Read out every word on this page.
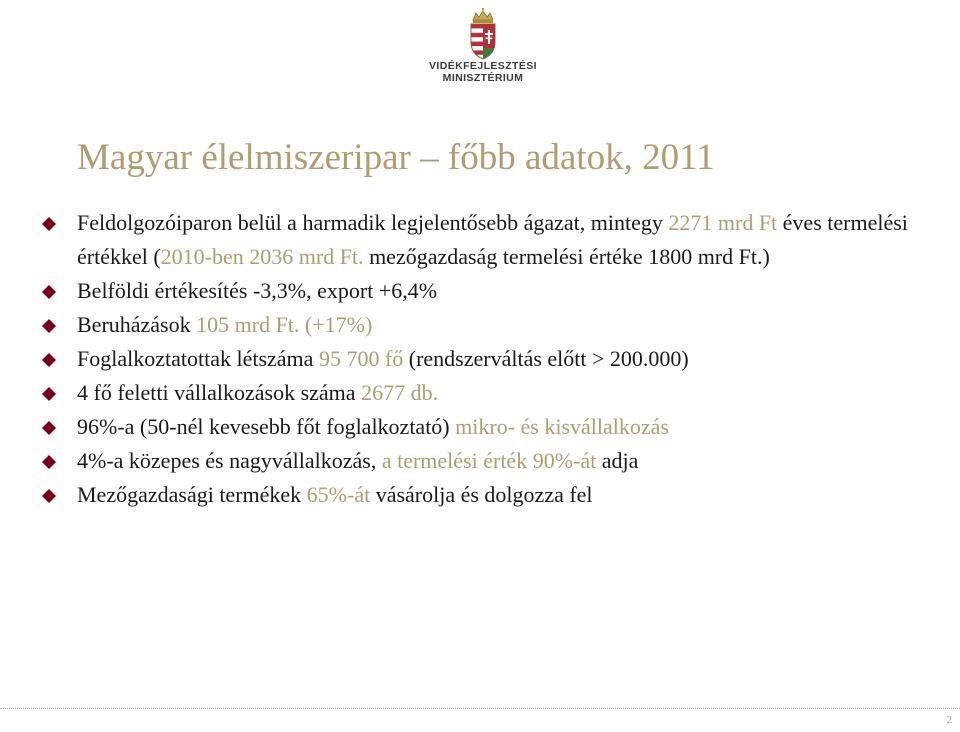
VIDÉKFEJLESZTÉSI
MINISZTÉRIUM
Magyar élelmiszeripar – főbb adatok, 2011
Feldolgozóiparon belül a harmadik legjelentősebb ágazat, mintegy 2271 mrd Ft éves termelési értékkel (2010-ben 2036 mrd Ft. mezőgazdaság termelési értéke 1800 mrd Ft.)
Belföldi értékesítés -3,3%, export +6,4%
Beruházások 105 mrd Ft. (+17%)
Foglalkoztatottak létszáma 95 700 fő (rendszerváltás előtt > 200.000)
4 fő feletti vállalkozások száma 2677 db.
96%-a (50-nél kevesebb főt foglalkoztató) mikro- és kisvállalkozás
4%-a közepes és nagyvállalkozás, a termelési érték 90%-át adja
Mezőgazdasági termékek 65%-át vásárolja és dolgozza fel
2
